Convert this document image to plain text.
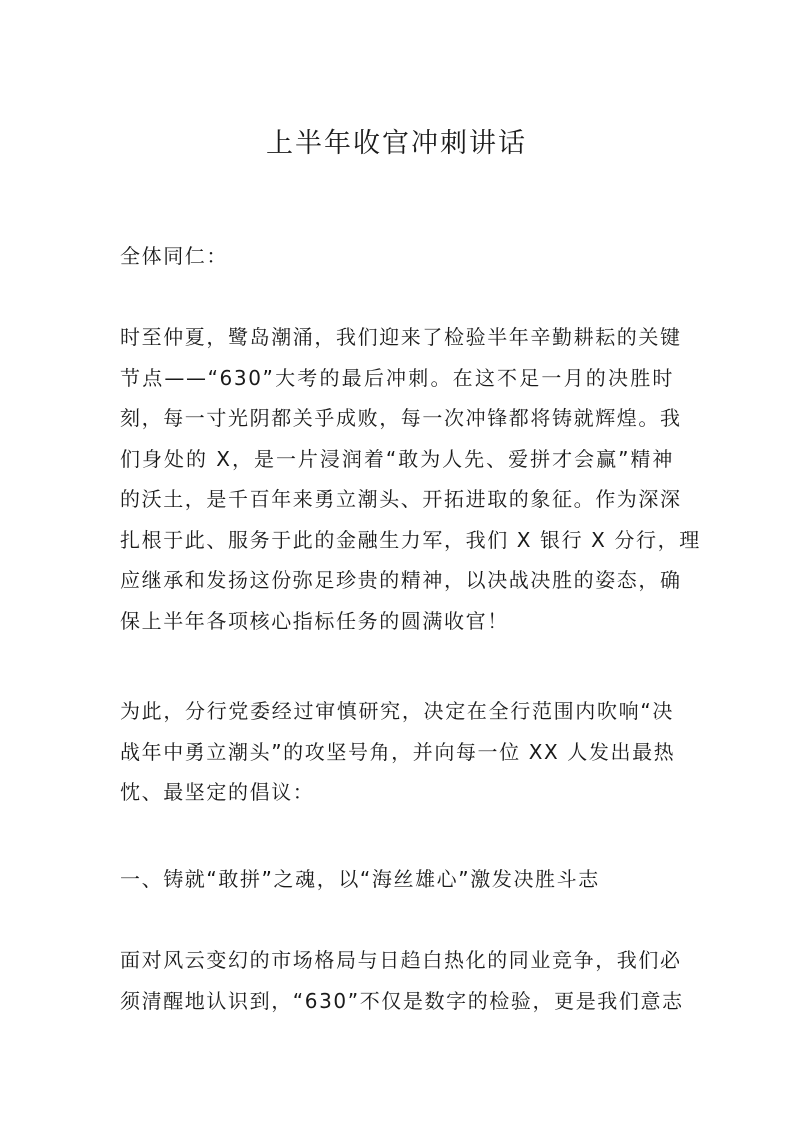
上半年收官冲刺讲话

全体同仁：

时至仲夏，鹭岛潮涌，我们迎来了检验半年辛勤耕耘的关键
节点——“630”大考的最后冲刺。在这不足一月的决胜时
刻，每一寸光阴都关乎成败，每一次冲锋都将铸就辉煌。我
们身处的 X，是一片浸润着“敢为人先、爱拼才会赢”精神
的沃土，是千百年来勇立潮头、开拓进取的象征。作为深深
扎根于此、服务于此的金融生力军，我们 X 银行 X 分行，理
应继承和发扬这份弥足珍贵的精神，以决战决胜的姿态，确
保上半年各项核心指标任务的圆满收官！

为此，分行党委经过审慎研究，决定在全行范围内吹响“决
战年中勇立潮头”的攻坚号角，并向每一位 XX 人发出最热
忱、最坚定的倡议：

一、铸就“敢拼”之魂，以“海丝雄心”激发决胜斗志

面对风云变幻的市场格局与日趋白热化的同业竞争，我们必
须清醒地认识到，“630”不仅是数字的检验，更是我们意志
